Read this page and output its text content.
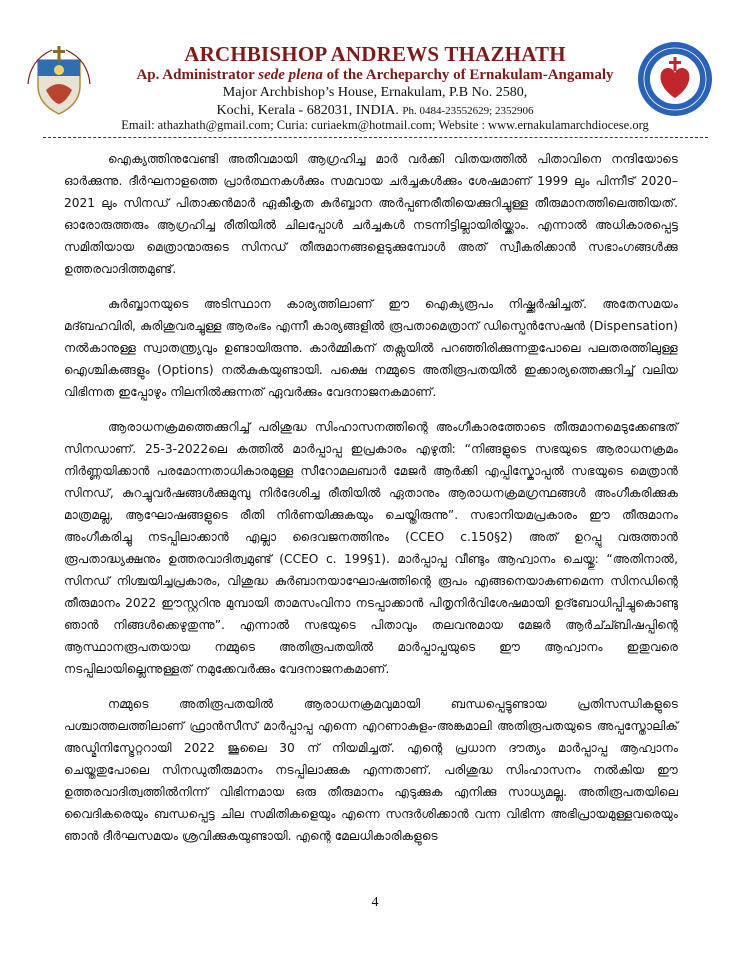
ARCHBISHOP ANDREWS THAZHATH
Ap. Administrator sede plena of the Archeparchy of Ernakulam-Angamaly
Major Archbishop’s House, Ernakulam, P.B No. 2580,
Kochi, Kerala - 682031, INDIA. Ph. 0484-23552629; 2352906
Email: athazhath@gmail.com; Curia: curiaekm@hotmail.com; Website : www.ernakulamarchdiocese.org

ഐക്യത്തിനുവേണ്ടി അതീവമായി ആഗ്രഹിച്ച മാർ വർക്കി വിതയത്തിൽ പിതാവിനെ നന്ദിയോടെ ഓർക്കുന്നു. ദീർഘനാളത്തെ പ്രാർത്ഥനകൾക്കും സമവായ ചർച്ചകൾക്കും ശേഷമാണ് 1999 ലും പിന്നീട് 2020–2021 ലും സിനഡ് പിതാക്കൻമാർ ഏകീകൃത കുർബ്ബാന അർപ്പണരീതിയെക്കുറിച്ചുള്ള തീരുമാനത്തിലെത്തിയത്. ഓരോരുത്തരും ആഗ്രഹിച്ച രീതിയിൽ ചിലപ്പോൾ ചർച്ചകൾ നടന്നിട്ടില്ലായിരിയ്ക്കാം. എന്നാൽ അധികാരപ്പെട്ട സമിതിയായ മെത്രാന്മാരുടെ സിനഡ് തീരുമാനങ്ങളെടുക്കുമ്പോൾ അത് സ്വീകരിക്കാൻ സഭാംഗങ്ങൾക്കു ഉത്തരവാദിത്തമുണ്ട്.

കുർബ്ബാനയുടെ അടിസ്ഥാന കാര്യത്തിലാണ് ഈ ഐക്യരൂപം നിഷ്ക്കർഷിച്ചത്. അതേസമയം മദ്ബഹവിരി, കുരിശുവരച്ചുള്ള ആരംഭം എന്നീ കാര്യങ്ങളിൽ രൂപതാമെത്രാന് ഡിസ്പെൻസേഷൻ (Dispensation) നൽകാനുള്ള സ്വാതന്ത്ര്യവും ഉണ്ടായിരുന്നു. കാർമ്മികന് തക്സയിൽ പറഞ്ഞിരിക്കുന്നതുപോലെ പലതരത്തിലുള്ള ഐശ്ചികങ്ങളും (Options) നൽകുകയുണ്ടായി. പക്ഷെ നമ്മുടെ അതിരൂപതയിൽ ഇക്കാര്യത്തെക്കുറിച്ച് വലിയ വിഭിന്നത ഇപ്പോഴും നിലനിൽക്കുന്നത് ഏവർക്കും വേദനാജനകമാണ്.

ആരാധനക്രമത്തെക്കുറിച്ച് പരിശുദ്ധ സിംഹാസനത്തിന്റെ അംഗീകാരത്തോടെ തീരുമാനമെടുക്കേണ്ടത് സിനഡാണ്. 25-3-2022ലെ കത്തിൽ മാർപ്പാപ്പ ഇപ്രകാരം എഴുതി: “നിങ്ങളുടെ സഭയുടെ ആരാധനക്രമം നിർണ്ണയിക്കാൻ പരമോന്നതാധികാരമുള്ള സീറോമലബാർ മേജർ ആർക്കി എപ്പിസ്കോപ്പൽ സഭയുടെ മെത്രാൻ സിനഡ്, കുറച്ചുവർഷങ്ങൾക്കുമുമ്പു നിർദേശിച്ച രീതിയിൽ ഏതാനും ആരാധനക്രമഗ്രന്ഥങ്ങൾ അംഗീകരിക്കുക മാത്രമല്ല, ആഘോഷങ്ങളുടെ രീതി നിർണയിക്കുകയും ചെയ്തിരുന്നു”. സഭാനിയമപ്രകാരം ഈ തീരുമാനം അംഗീകരിച്ചു നടപ്പിലാക്കാൻ എല്ലാ ദൈവജനത്തിനും (CCEO c.150§2) അത് ഉറപ്പു വരുത്താൻ രൂപതാദ്ധ്യക്ഷനും ഉത്തരവാദിത്വമുണ്ട് (CCEO c. 199§1). മാർപ്പാപ്പ വീണ്ടും ആഹ്വാനം ചെയ്തു: “അതിനാൽ, സിനഡ് നിശ്ചയിച്ചപ്രകാരം, വിശുദ്ധ കുർബാനയാഘോഷത്തിന്റെ രൂപം എങ്ങനെയാകണമെന്ന സിനഡിന്റെ തീരുമാനം 2022 ഈസ്റ്ററിനു മുമ്പായി താമസംവിനാ നടപ്പാക്കാൻ പിതൃനിർവിശേഷമായി ഉദ്ബോധിപ്പിച്ചുകൊണ്ടു ഞാൻ നിങ്ങൾക്കെഴുതുന്നു”. എന്നാൽ സഭയുടെ പിതാവും തലവനുമായ മേജർ ആർച്ച്ബിഷപ്പിന്റെ ആസ്ഥാനരൂപതയായ നമ്മുടെ അതിരൂപതയിൽ മാർപ്പാപ്പയുടെ ഈ ആഹ്വാനം ഇതുവരെ നടപ്പിലായില്ലെന്നുള്ളത് നമുക്കേവർക്കും വേദനാജനകമാണ്.

നമ്മുടെ അതിരൂപതയിൽ ആരാധനക്രമവുമായി ബന്ധപ്പെട്ടുണ്ടായ പ്രതിസന്ധികളുടെ പശ്ചാത്തലത്തിലാണ് ഫ്രാൻസീസ് മാർപ്പാപ്പ എന്നെ എറണാകുളം-അങ്കമാലി അതിരൂപതയുടെ അപ്പസ്തോലിക് അഡ്മിനിസ്ട്രേറ്ററായി 2022 ജൂലൈ 30 ന് നിയമിച്ചത്. എന്റെ പ്രധാന ദൗത്യം മാർപ്പാപ്പ ആഹ്വാനം ചെയ്തതുപോലെ സിനഡുതീരുമാനം നടപ്പിലാക്കുക എന്നതാണ്. പരിശുദ്ധ സിംഹാസനം നൽകിയ ഈ ഉത്തരവാദിത്വത്തിൽനിന്ന് വിഭിന്നമായ ഒരു തീരുമാനം എടുക്കുക എനിക്കു സാധ്യമല്ല. അതിരൂപതയിലെ വൈദികരെയും ബന്ധപ്പെട്ട ചില സമിതികളെയും എന്നെ സന്ദർശിക്കാൻ വന്ന വിഭിന്ന അഭിപ്രായമുള്ളവരെയും ഞാൻ ദീർഘസമയം ശ്രവിക്കുകയുണ്ടായി. എന്റെ മേലധികാരികളുടെ

4
